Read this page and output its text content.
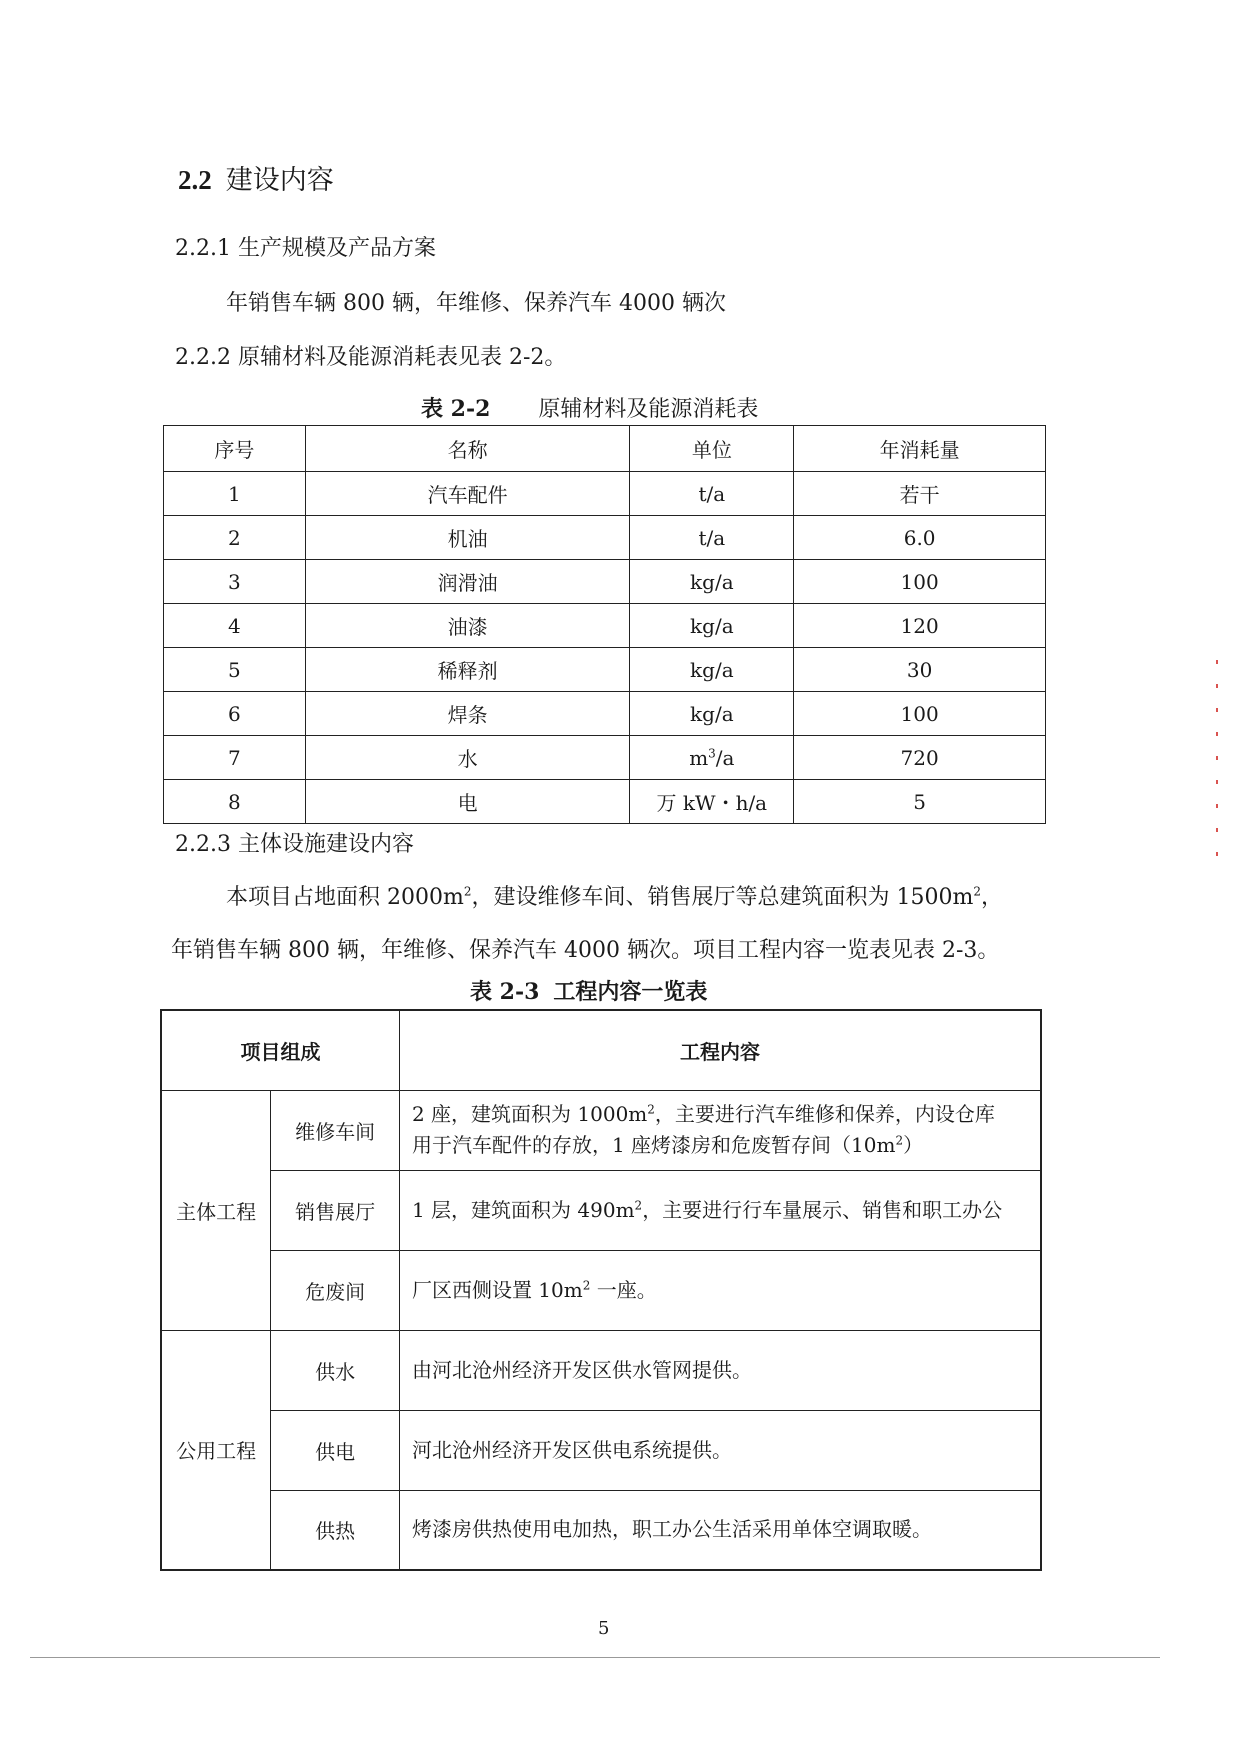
2.2 建设内容
2.2.1 生产规模及产品方案
年销售车辆 800 辆，年维修、保养汽车 4000 辆次
2.2.2 原辅材料及能源消耗表见表 2-2。
表 2-2 原辅材料及能源消耗表
序号	名称	单位	年消耗量
1	汽车配件	t/a	若干
2	机油	t/a	6.0
3	润滑油	kg/a	100
4	油漆	kg/a	120
5	稀释剂	kg/a	30
6	焊条	kg/a	100
7	水	$m^3/a$	720
8	电	万 kW・h/a	5
2.2.3 主体设施建设内容
本项目占地面积 $2000m^2$，建设维修车间、销售展厅等总建筑面积为 $1500m^2$，
年销售车辆 800 辆，年维修、保养汽车 4000 辆次。项目工程内容一览表见表 2-3。
表 2-3 工程内容一览表
项目组成		工程内容
主体工程	维修车间	2 座，建筑面积为 $1000m^2$，主要进行汽车维修和保养，内设仓库
用于汽车配件的存放，1 座烤漆房和危废暂存间$(10m^2)$

	销售展厅	1 层，建筑面积为 $490m^2$，主要进行行车量展示、销售和职工办公
	危废间	厂区西侧设置 $10m^2$ 一座。
公用工程	供水	由河北沧州经济开发区供水管网提供。
	供电	河北沧州经济开发区供电系统提供。
	供热	烤漆房供热使用电加热，职工办公生活采用单体空调取暖。
5
